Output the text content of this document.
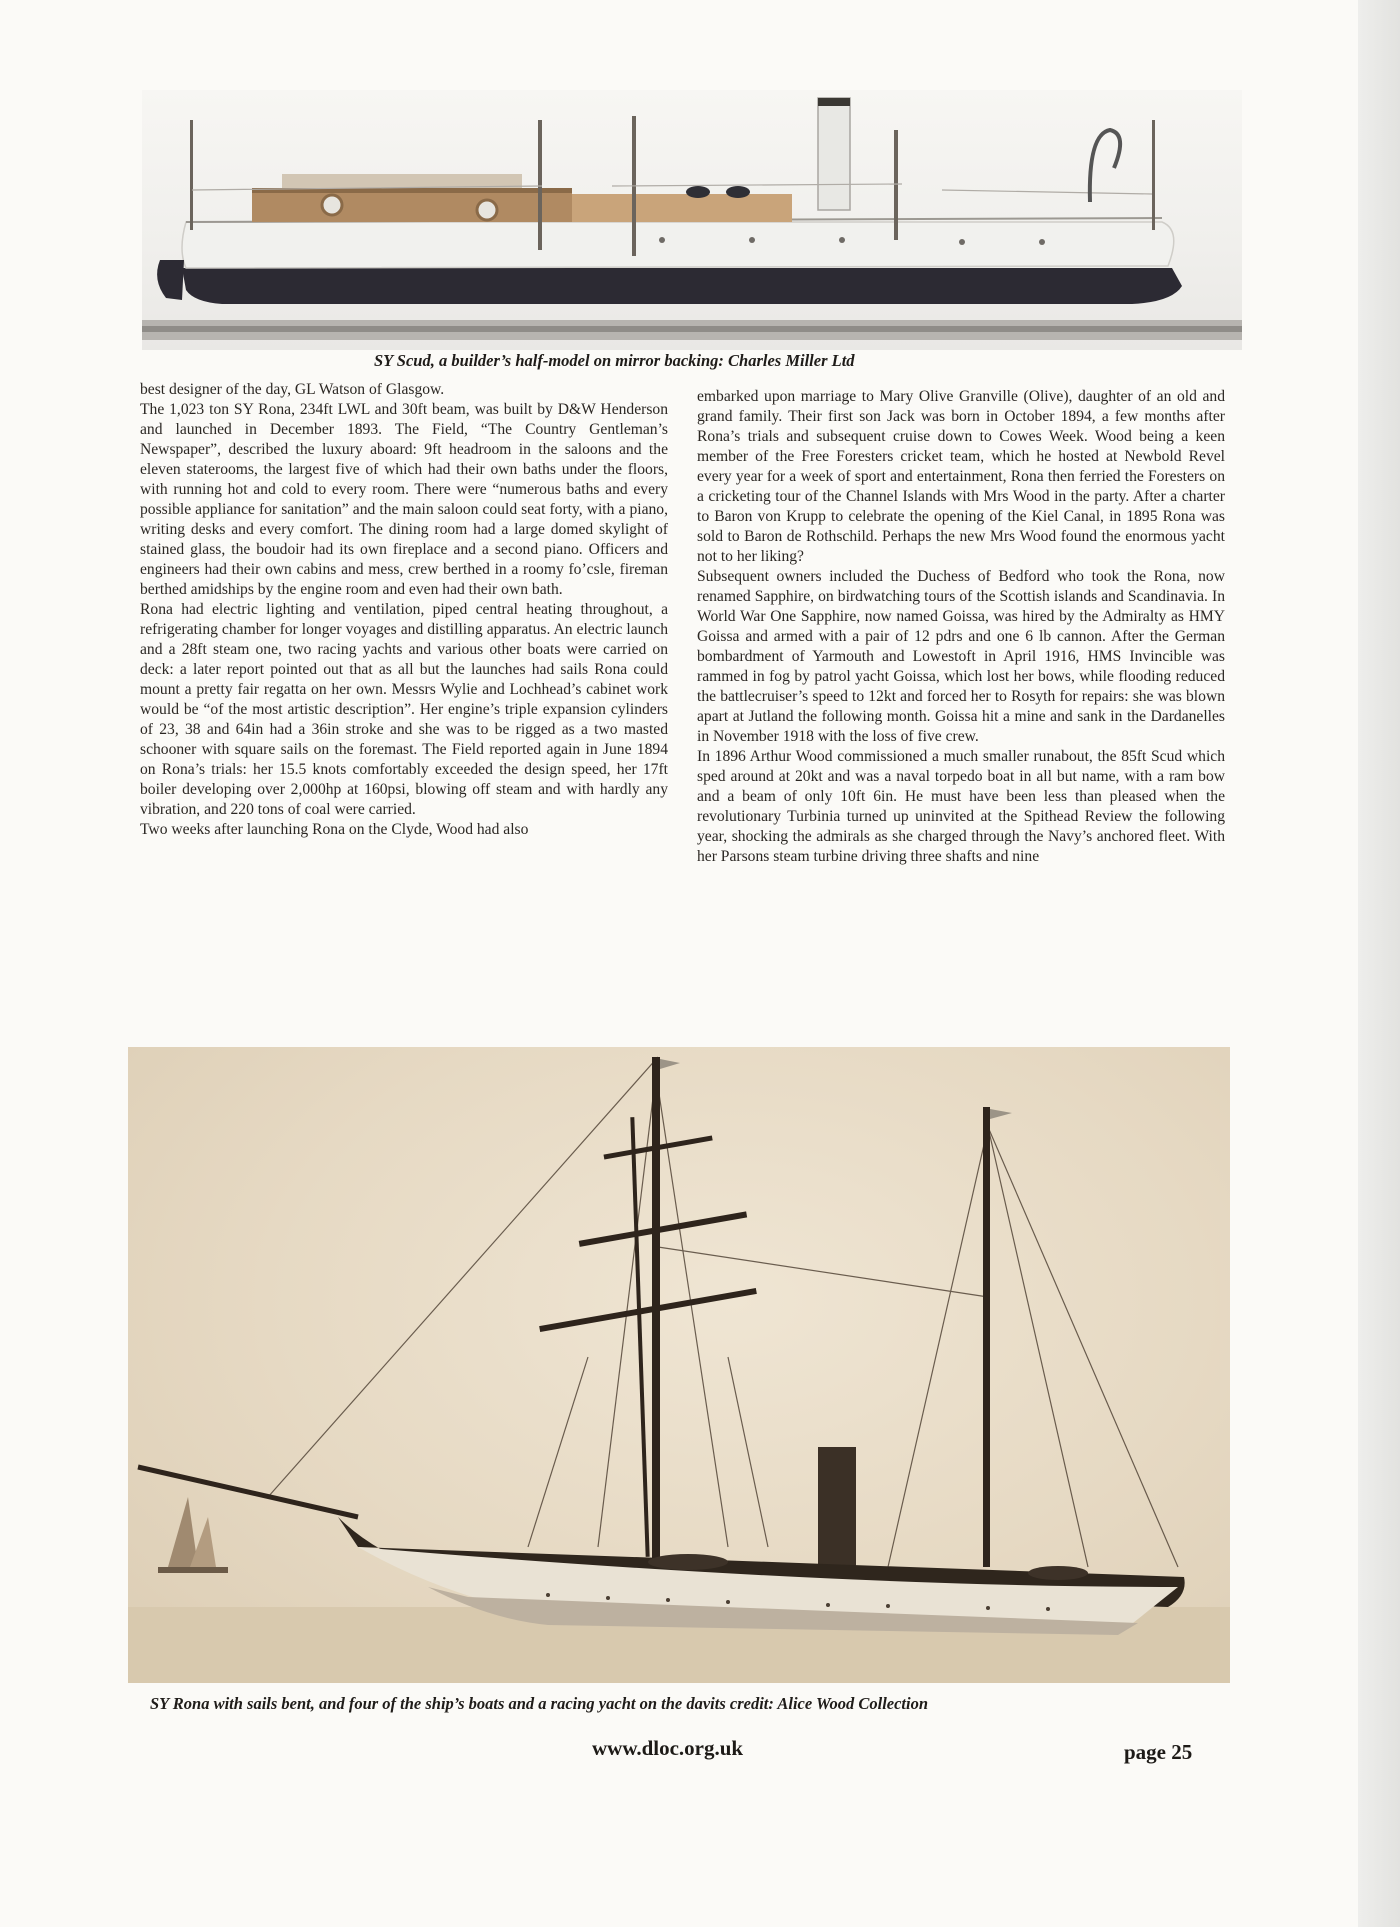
SY Scud, a builder’s half-model on mirror backing: Charles Miller Ltd

best designer of the day, GL Watson of Glasgow.

The 1,023 ton SY Rona, 234ft LWL and 30ft beam, was built by D&W Henderson and launched in December 1893. The Field, “The Country Gentleman’s Newspaper”, described the luxury aboard: 9ft headroom in the saloons and the eleven staterooms, the largest five of which had their own baths under the floors, with running hot and cold to every room. There were “numerous baths and every possible appliance for sanitation” and the main saloon could seat forty, with a piano, writing desks and every comfort. The dining room had a large domed skylight of stained glass, the boudoir had its own fireplace and a second piano. Officers and engineers had their own cabins and mess, crew berthed in a roomy fo’csle, fireman berthed amidships by the engine room and even had their own bath.

Rona had electric lighting and ventilation, piped central heating throughout, a refrigerating chamber for longer voyages and distilling apparatus. An electric launch and a 28ft steam one, two racing yachts and various other boats were carried on deck: a later report pointed out that as all but the launches had sails Rona could mount a pretty fair regatta on her own. Messrs Wylie and Lochhead’s cabinet work would be “of the most artistic description”. Her engine’s triple expansion cylinders of 23, 38 and 64in had a 36in stroke and she was to be rigged as a two masted schooner with square sails on the foremast. The Field reported again in June 1894 on Rona’s trials: her 15.5 knots comfortably exceeded the design speed, her 17ft boiler developing over 2,000hp at 160psi, blowing off steam and with hardly any vibration, and 220 tons of coal were carried.

Two weeks after launching Rona on the Clyde, Wood had also

embarked upon marriage to Mary Olive Granville (Olive), daughter of an old and grand family. Their first son Jack was born in October 1894, a few months after Rona’s trials and subsequent cruise down to Cowes Week. Wood being a keen member of the Free Foresters cricket team, which he hosted at Newbold Revel every year for a week of sport and entertainment, Rona then ferried the Foresters on a cricketing tour of the Channel Islands with Mrs Wood in the party. After a charter to Baron von Krupp to celebrate the opening of the Kiel Canal, in 1895 Rona was sold to Baron de Rothschild. Perhaps the new Mrs Wood found the enormous yacht not to her liking?

Subsequent owners included the Duchess of Bedford who took the Rona, now renamed Sapphire, on birdwatching tours of the Scottish islands and Scandinavia. In World War One Sapphire, now named Goissa, was hired by the Admiralty as HMY Goissa and armed with a pair of 12 pdrs and one 6 lb cannon. After the German bombardment of Yarmouth and Lowestoft in April 1916, HMS Invincible was rammed in fog by patrol yacht Goissa, which lost her bows, while flooding reduced the battlecruiser’s speed to 12kt and forced her to Rosyth for repairs: she was blown apart at Jutland the following month. Goissa hit a mine and sank in the Dardanelles in November 1918 with the loss of five crew.

In 1896 Arthur Wood commissioned a much smaller runabout, the 85ft Scud which sped around at 20kt and was a naval torpedo boat in all but name, with a ram bow and a beam of only 10ft 6in. He must have been less than pleased when the revolutionary Turbinia turned up uninvited at the Spithead Review the following year, shocking the admirals as she charged through the Navy’s anchored fleet. With her Parsons steam turbine driving three shafts and nine

SY Rona with sails bent, and four of the ship’s boats and a racing yacht on the davits credit: Alice Wood Collection
www.dloc.org.uk	page 25
